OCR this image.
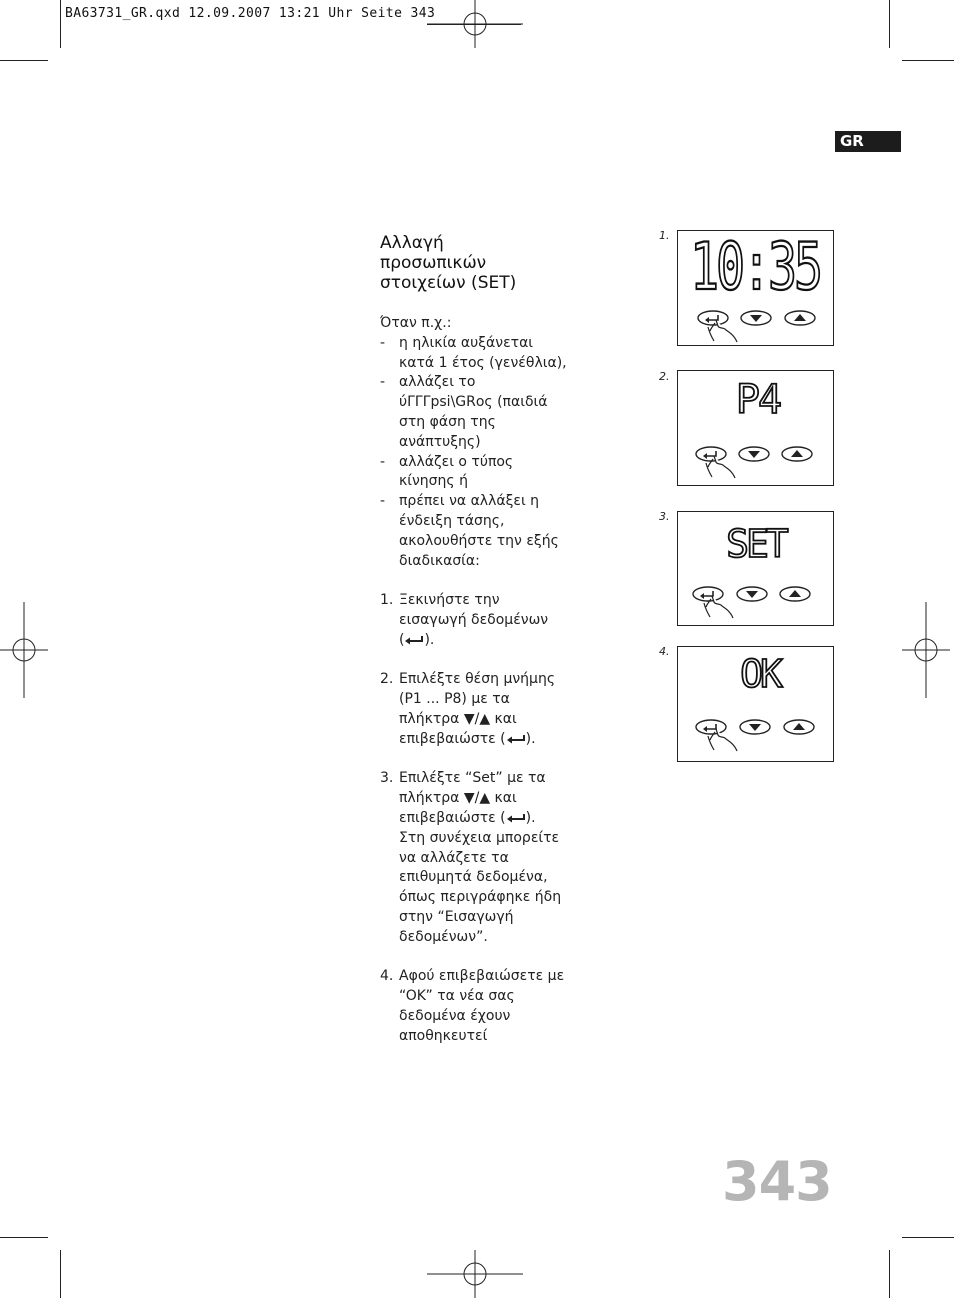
BA63731_GR.qxd 12.09.2007 13:21 Uhr Seite 343
GR
Αλλαγή
προσωπικών
στοιχείων (SET)
Όταν π.χ.:
- η ηλικία αυξάνεται
κατά 1 έτος (γενέθλια),
- αλλάζει το
ύΓΓΓpsi\GRος (παιδιά
στη φάση της
ανάπτυξης)
- αλλάζει ο τύπος
κίνησης ή
- πρέπει να αλλάξει η
ένδειξη τάσης,
ακολουθήστε την εξής
διαδικασία:
1. Ξεκινήστε την
εισαγωγή δεδομένων
( ).
2. Επιλέξτε θέση μνήμης
(P1 ... P8) με τα
πλήκτρα ▼/▲ και
επιβεβαιώστε ( ).
3. Επιλέξτε “Set” με τα
πλήκτρα ▼/▲ και
επιβεβαιώστε ( ).
Στη συνέχεια μπορείτε
να αλλάζετε τα
επιθυμητά δεδομένα,
όπως περιγράφηκε ήδη
στην “Εισαγωγή
δεδομένων”.
4. Αφού επιβεβαιώσετε με
“OK” τα νέα σας
δεδομένα έχουν
αποθηκευτεί
1.
2.
3.
4.
10:35
P4
SET
OK
343
